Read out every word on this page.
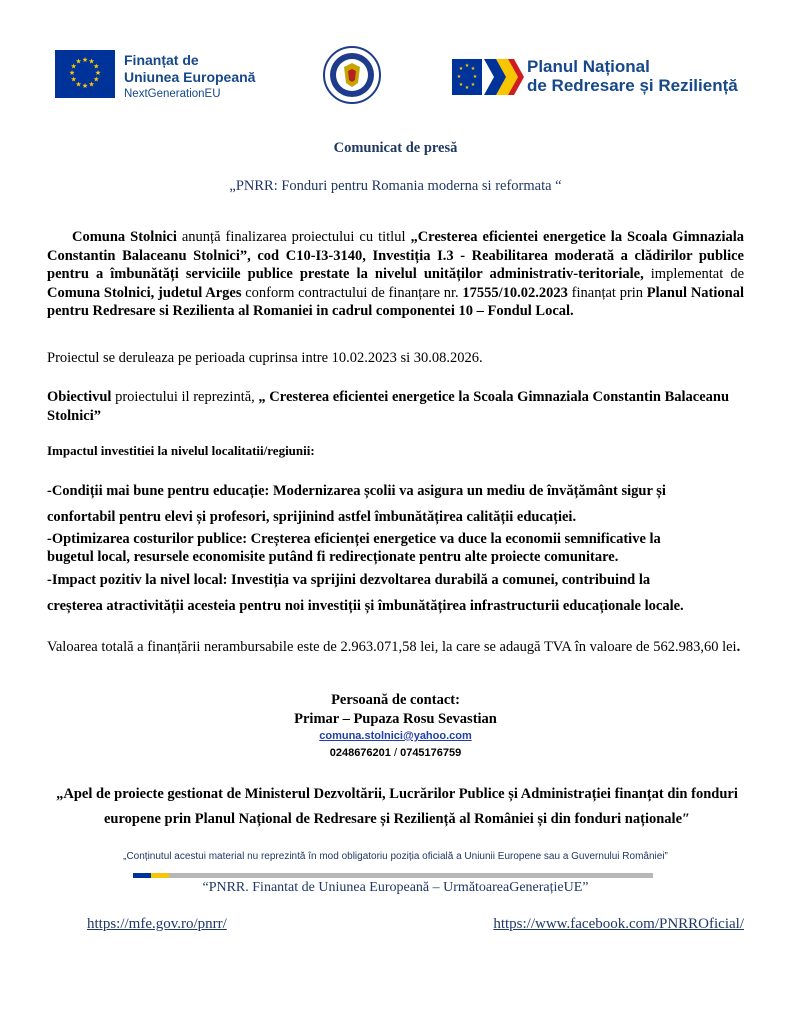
★ ★
★
★
★
★
★
★
★
★
★
★	Finanțat de
Uniunea Europeană
NextGenerationEU
★ ★
★
★
★
★
★
★	Planul Național
de Redresare și Reziliență
Comunicat de presă
„PNRR: Fonduri pentru Romania moderna si reformata “
Comuna Stolnici anunță finalizarea proiectului cu titlul „Cresterea eficientei energetice la Scoala Gimnaziala Constantin Balaceanu Stolnici”, cod C10-I3-3140, Investiția I.3 - Reabilitarea moderată a clădirilor publice pentru a îmbunătăți serviciile publice prestate la nivelul unităților administrativ-teritoriale, implementat de Comuna Stolnici, judetul Arges conform contractului de finanțare nr. 17555/10.02.2023 finanțat prin Planul National pentru Redresare si Rezilienta al Romaniei in cadrul componentei 10 – Fondul Local.
Proiectul se deruleaza pe perioada cuprinsa intre 10.02.2023 si 30.08.2026.
Obiectivul proiectului il reprezintă, „ Cresterea eficientei energetice la Scoala Gimnaziala Constantin Balaceanu Stolnici”
Impactul investitiei la nivelul localitatii/regiunii:
-Condiții mai bune pentru educație: Modernizarea școlii va asigura un mediu de învățământ sigur și
confortabil pentru elevi și profesori, sprijinind astfel îmbunătățirea calității educației.
-Optimizarea costurilor publice: Creșterea eficienței energetice va duce la economii semnificative la
bugetul local, resursele economisite putând fi redirecționate pentru alte proiecte comunitare.
-Impact pozitiv la nivel local: Investiția va sprijini dezvoltarea durabilă a comunei, contribuind la
creșterea atractivității acesteia pentru noi investiții și îmbunătățirea infrastructurii educaționale locale.
Valoarea totală a finanțării nerambursabile este de 2.963.071,58 lei, la care se adaugă TVA în valoare de 562.983,60 lei.
Persoană de contact:
Primar – Pupaza Rosu Sevastian
comuna.stolnici@yahoo.com
0248676201 / 0745176759
„Apel de proiecte gestionat de Ministerul Dezvoltării, Lucrărilor Publice și Administrației finanțat din fonduri europene prin Planul Național de Redresare și Reziliență al României și din fonduri naționale″
„Conținutul acestui material nu reprezintă în mod obligatoriu poziția oficială a Uniunii Europene sau a Guvernului României”
“PNRR. Finantat de Uniunea Europeană – UrmătoareaGenerațieUE”
https://mfe.gov.ro/pnrr/	https://www.facebook.com/PNRROficial/
